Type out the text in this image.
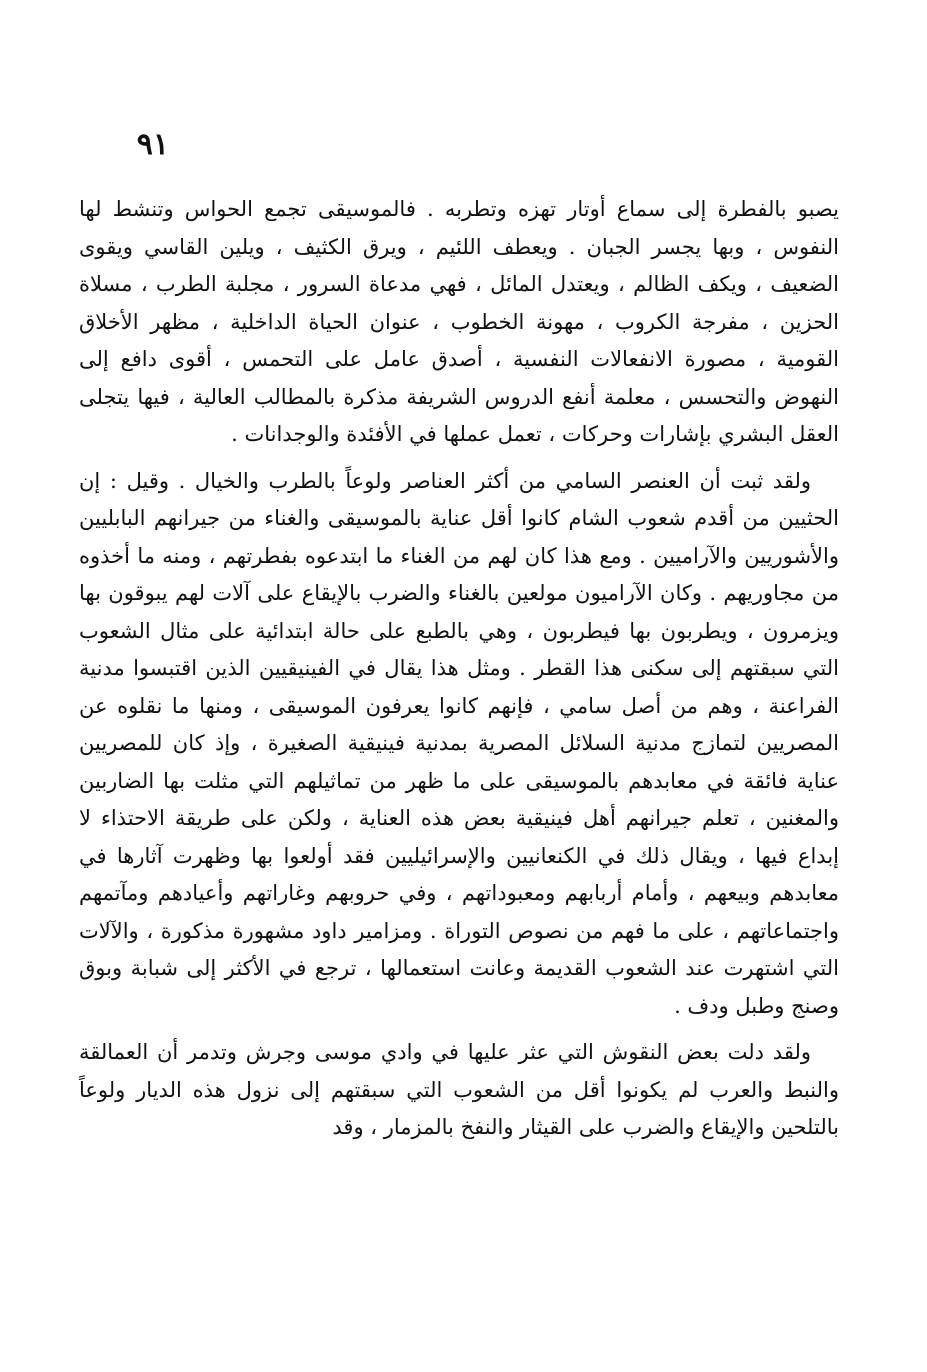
٩١

يصبو بالفطرة إلى سماع أوتار تهزه وتطربه . فالموسيقى تجمع الحواس وتنشط لها النفوس ، وبها يجسر الجبان . ويعطف اللئيم ، ويرق الكثيف ، ويلين القاسي ويقوى الضعيف ، ويكف الظالم ، ويعتدل المائل ، فهي مدعاة السرور ، مجلبة الطرب ، مسلاة الحزين ، مفرجة الكروب ، مهونة الخطوب ، عنوان الحياة الداخلية ، مظهر الأخلاق القومية ، مصورة الانفعالات النفسية ، أصدق عامل على التحمس ، أقوى دافع إلى النهوض والتحسس ، معلمة أنفع الدروس الشريفة مذكرة بالمطالب العالية ، فيها يتجلى العقل البشري بإشارات وحركات ، تعمل عملها في الأفئدة والوجدانات .

ولقد ثبت أن العنصر السامي من أكثر العناصر ولوعاً بالطرب والخيال . وقيل : إن الحثيين من أقدم شعوب الشام كانوا أقل عناية بالموسيقى والغناء من جيرانهم البابليين والأشوريين والآراميين . ومع هذا كان لهم من الغناء ما ابتدعوه بفطرتهم ، ومنه ما أخذوه من مجاوريهم . وكان الآراميون مولعين بالغناء والضرب بالإيقاع على آلات لهم يبوقون بها ويزمرون ، ويطربون بها فيطربون ، وهي بالطبع على حالة ابتدائية على مثال الشعوب التي سبقتهم إلى سكنى هذا القطر . ومثل هذا يقال في الفينيقيين الذين اقتبسوا مدنية الفراعنة ، وهم من أصل سامي ، فإنهم كانوا يعرفون الموسيقى ، ومنها ما نقلوه عن المصريين لتمازج مدنية السلائل المصرية بمدنية فينيقية الصغيرة ، وإذ كان للمصريين عناية فائقة في معابدهم بالموسيقى على ما ظهر من تماثيلهم التي مثلت بها الضاربين والمغنين ، تعلم جيرانهم أهل فينيقية بعض هذه العناية ، ولكن على طريقة الاحتذاء لا إبداع فيها ، ويقال ذلك في الكنعانيين والإسرائيليين فقد أولعوا بها وظهرت آثارها في معابدهم وبيعهم ، وأمام أربابهم ومعبوداتهم ، وفي حروبهم وغاراتهم وأعيادهم ومآتمهم واجتماعاتهم ، على ما فهم من نصوص التوراة . ومزامير داود مشهورة مذكورة ، والآلات التي اشتهرت عند الشعوب القديمة وعانت استعمالها ، ترجع في الأكثر إلى شبابة وبوق وصنج وطبل ودف .

ولقد دلت بعض النقوش التي عثر عليها في وادي موسى وجرش وتدمر أن العمالقة والنبط والعرب لم يكونوا أقل من الشعوب التي سبقتهم إلى نزول هذه الديار ولوعاً بالتلحين والإيقاع والضرب على القيثار والنفخ بالمزمار ، وقد
